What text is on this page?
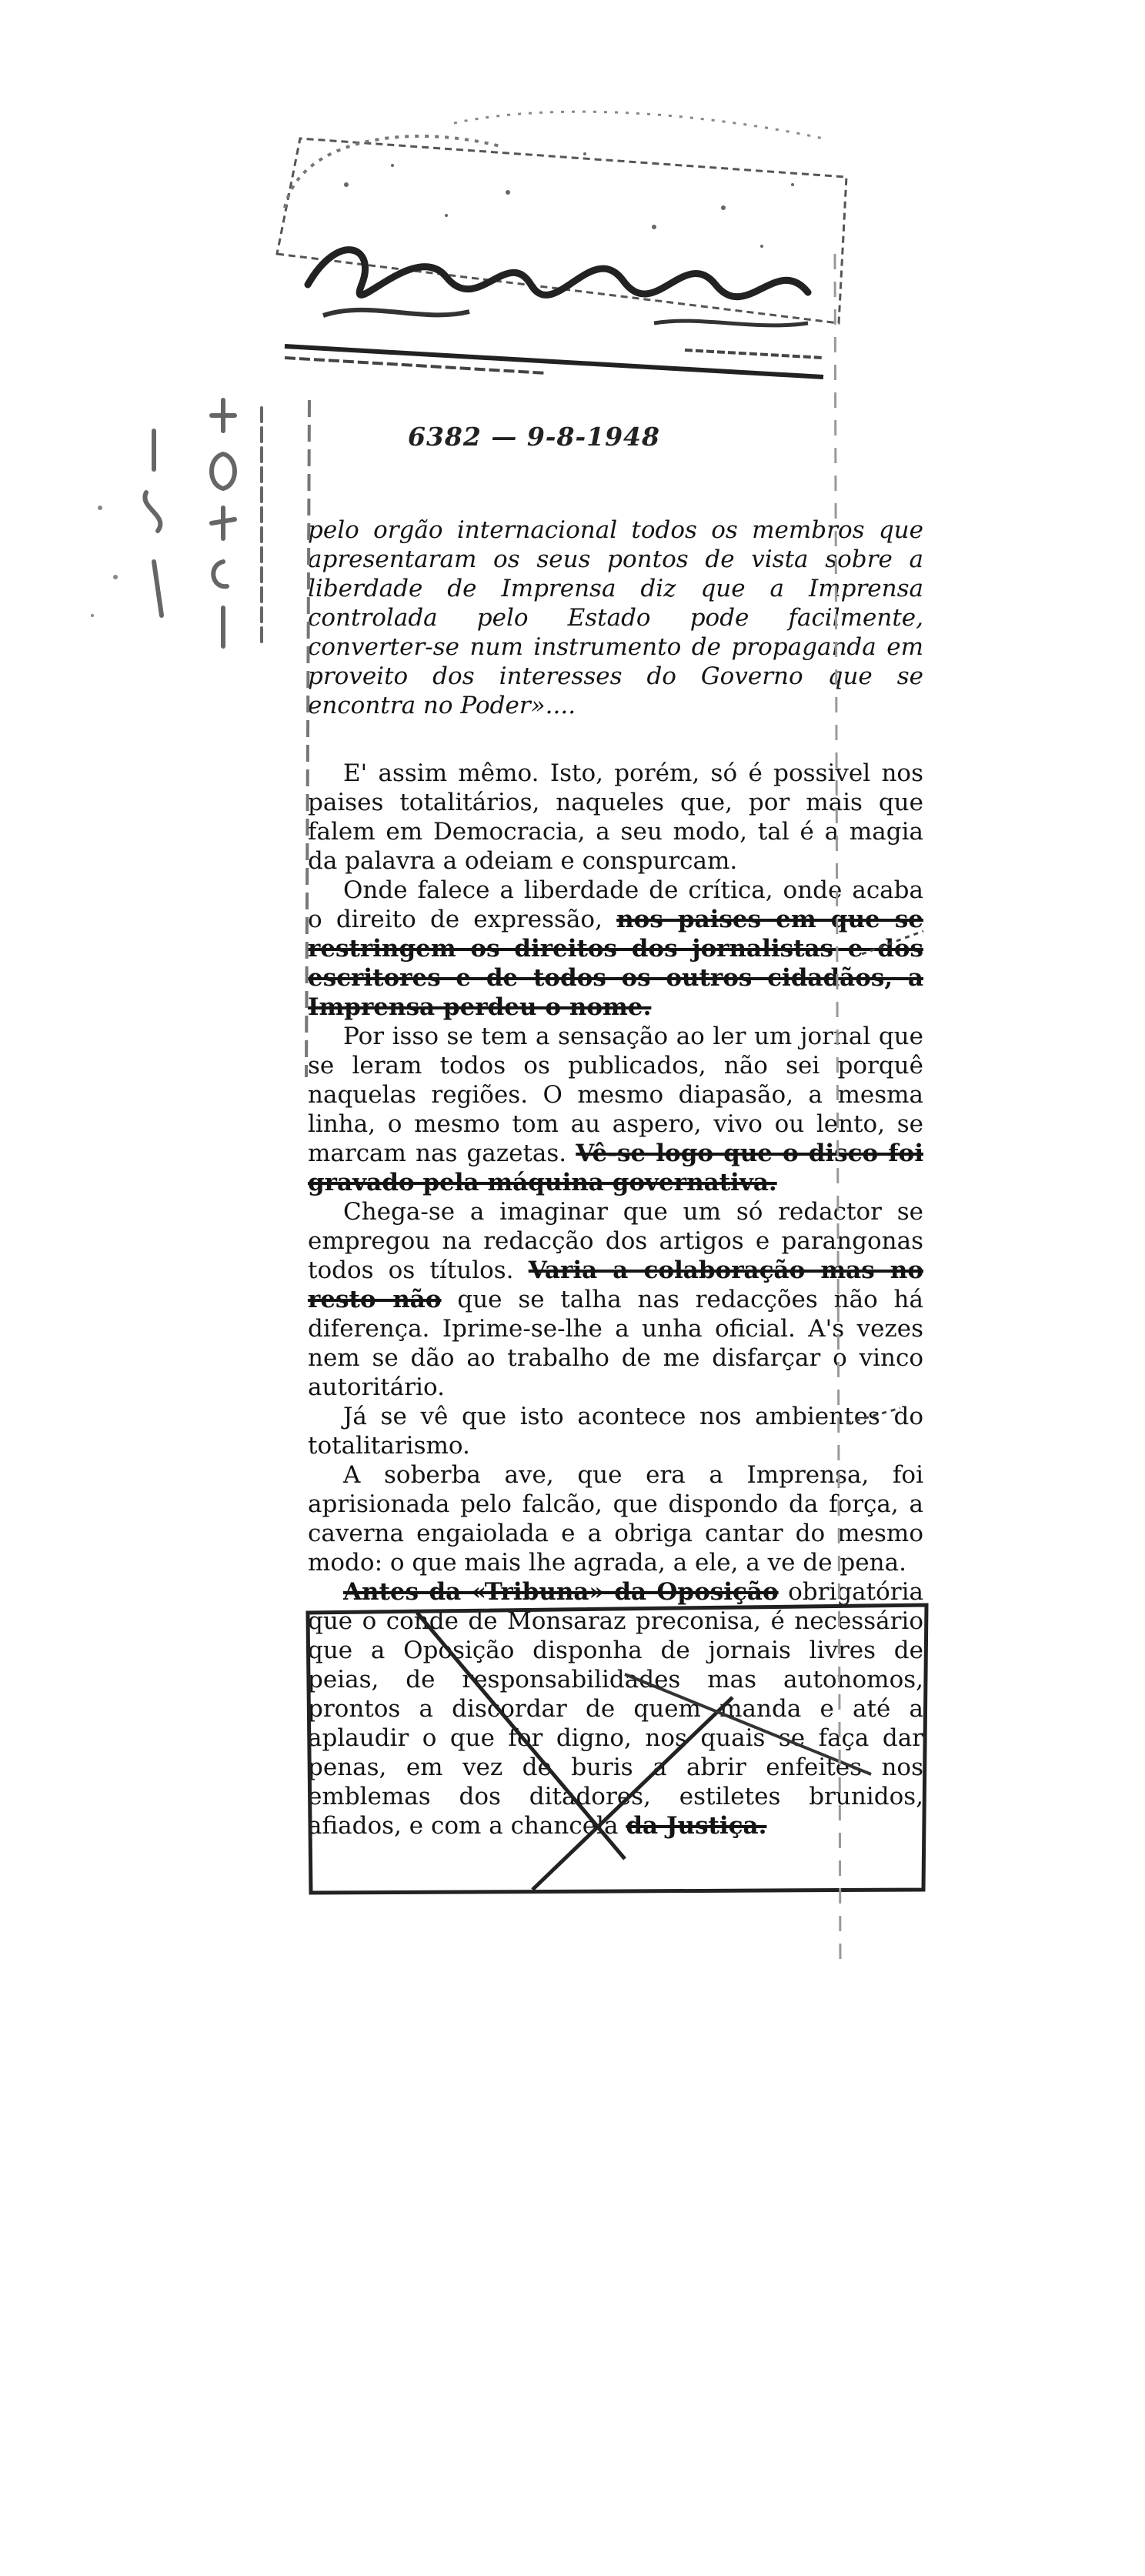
6382 — 9-8-1948

pelo orgão internacional todos os membros que apresentaram os seus pontos de vista sobre a liberdade de Imprensa diz que a Imprensa controlada pelo Estado pode facilmente, converter-se num instrumento de propaganda em proveito dos interesses do Governo que se encontra no Poder»....

E' assim mêmo. Isto, porém, só é possivel nos paises totalitários, naqueles que, por mais que falem em Democracia, a seu modo, tal é a magia da palavra a odeiam e conspurcam.

Onde falece a liberdade de crítica, onde acaba o direito de expressão, nos paises em que se restringem os direitos dos jornalistas e dos escritores e de todos os outros cidadãos, a Imprensa perdeu o nome.

Por isso se tem a sensação ao ler um jornal que se leram todos os publicados, não sei porquê naquelas regiões. O mesmo diapasão, a mesma linha, o mesmo tom au aspero, vivo ou lento, se marcam nas gazetas. Vê-se logo que o disco foi gravado pela máquina governativa.

Chega-se a imaginar que um só redactor se empregou na redacção dos artigos e parangonas todos os títulos. Varia a colaboração mas no resto não que se talha nas redacções não há diferença. Iprime-se-lhe a unha oficial. A's vezes nem se dão ao trabalho de me disfarçar o vinco autoritário.

Já se vê que isto acontece nos ambientes do totalitarismo.

A soberba ave, que era a Imprensa, foi aprisionada pelo falcão, que dispondo da força, a caverna engaiolada e a obriga cantar do mesmo modo: o que mais lhe agrada, a ele, a ve de pena.

Antes da «Tribuna» da Oposição obrigatória que o conde de Monsaraz preconisa, é necessário que a Oposição disponha de jornais livres de peias, de responsabilidades mas autonomos, prontos a discordar de quem manda e até a aplaudir o que for digno, nos quais se faça dar penas, em vez de buris a abrir enfeites nos emblemas dos ditadores, estiletes brunidos, afiados, e com a chancela da Justiça.
